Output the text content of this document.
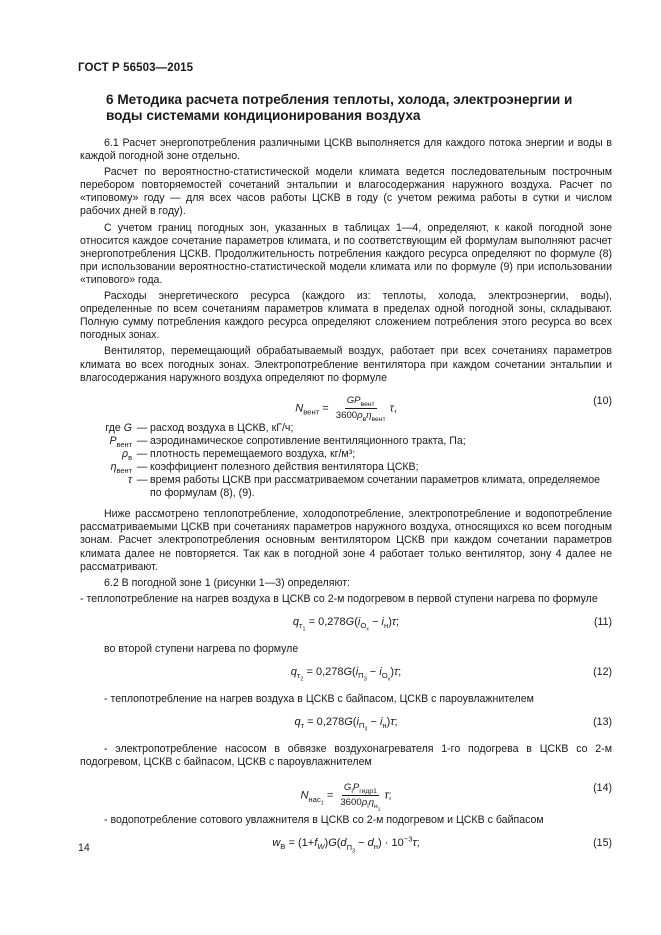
ГОСТ Р 56503—2015
6 Методика расчета потребления теплоты, холода, электроэнергии и воды системами кондиционирования воздуха

6.1 Расчет энергопотребления различными ЦСКВ выполняется для каждого потока энергии и воды в каждой погодной зоне отдельно.

Расчет по вероятностно-статистической модели климата ведется последовательным построчным перебором повторяемостей сочетаний энтальпии и влагосодержания наружного воздуха. Расчет по «типовому» году — для всех часов работы ЦСКВ в году (с учетом режима работы в сутки и числом рабочих дней в году).

С учетом границ погодных зон, указанных в таблицах 1—4, определяют, к какой погодной зоне относится каждое сочетание параметров климата, и по соответствующим ей формулам выполняют расчет энергопотребления ЦСКВ. Продолжительность потребления каждого ресурса определяют по формуле (8) при использовании вероятностно-статистической модели климата или по формуле (9) при использовании «типового» года.

Расходы энергетического ресурса (каждого из: теплоты, холода, электроэнергии, воды), определенные по всем сочетаниям параметров климата в пределах одной погодной зоны, складывают. Полную сумму потребления каждого ресурса определяют сложением потребления этого ресурса во всех погодных зонах.

Вентилятор, перемещающий обрабатываемый воздух, работает при всех сочетаниях параметров климата во всех погодных зонах. Электропотребление вентилятора при каждом сочетании энтальпии и влагосодержания наружного воздуха определяют по формуле

$N_{вент} = \frac{GP_{вент}}{3600\rho_в\eta_{вент}} \tau$,
(10)
где G — расход воздуха в ЦСКВ, кГ/ч;
$P_{вент}$ — аэродинамическое сопротивление вентиляционного тракта, Па;
$\rho_в$ — плотность перемещаемого воздуха, кг/м³;
$\eta_{вент}$ — коэффициент полезного действия вентилятора ЦСКВ;
τ — время работы ЦСКВ при рассматриваемом сочетании параметров климата, определяемое по формулам (8), (9).

Ниже рассмотрено теплопотребление, холодопотребление, электропотребление и водопотребление рассматриваемыми ЦСКВ при сочетаниях параметров наружного воздуха, относящихся ко всем погодным зонам. Расчет электропотребления основным вентилятором ЦСКВ при каждом сочетании параметров климата далее не повторяется. Так как в погодной зоне 4 работает только вентилятор, зону 4 далее не рассматривают.

6.2 В погодной зоне 1 (рисунки 1—3) определяют:

- теплопотребление на нагрев воздуха в ЦСКВ со 2-м подогревом в первой ступени нагрева по формуле

$q_{т_1} = 0,278G(i_{О_х} - i_н)\tau$;	(11)

во второй ступени нагрева по формуле

$q_{т_2} = 0,278G(i_{П_3} - i_{О_х})\tau$;	(12)

- теплопотребление на нагрев воздуха в ЦСКВ с байпасом, ЦСКВ с пароувлажнителем

$q_т = 0,278G(i_{П_3} - i_н)\tau$;	(13)

- электропотребление насосом в обвязке воздухонагревателя 1-го подогрева в ЦСКВ со 2-м подогревом, ЦСКВ с байпасом, ЦСКВ с пароувлажнителем

$N_{нас_1} = \frac{G_lP_{гидр1}}{3600\rho_l\eta_{н_1}} \tau$;
(14)

- водопотребление сотового увлажнителя в ЦСКВ со 2-м подогревом и ЦСКВ с байпасом

$w_В = (1+f_W)G(d_{П_3} - d_н) \cdot 10^{-3}\tau$;	(15)
14
